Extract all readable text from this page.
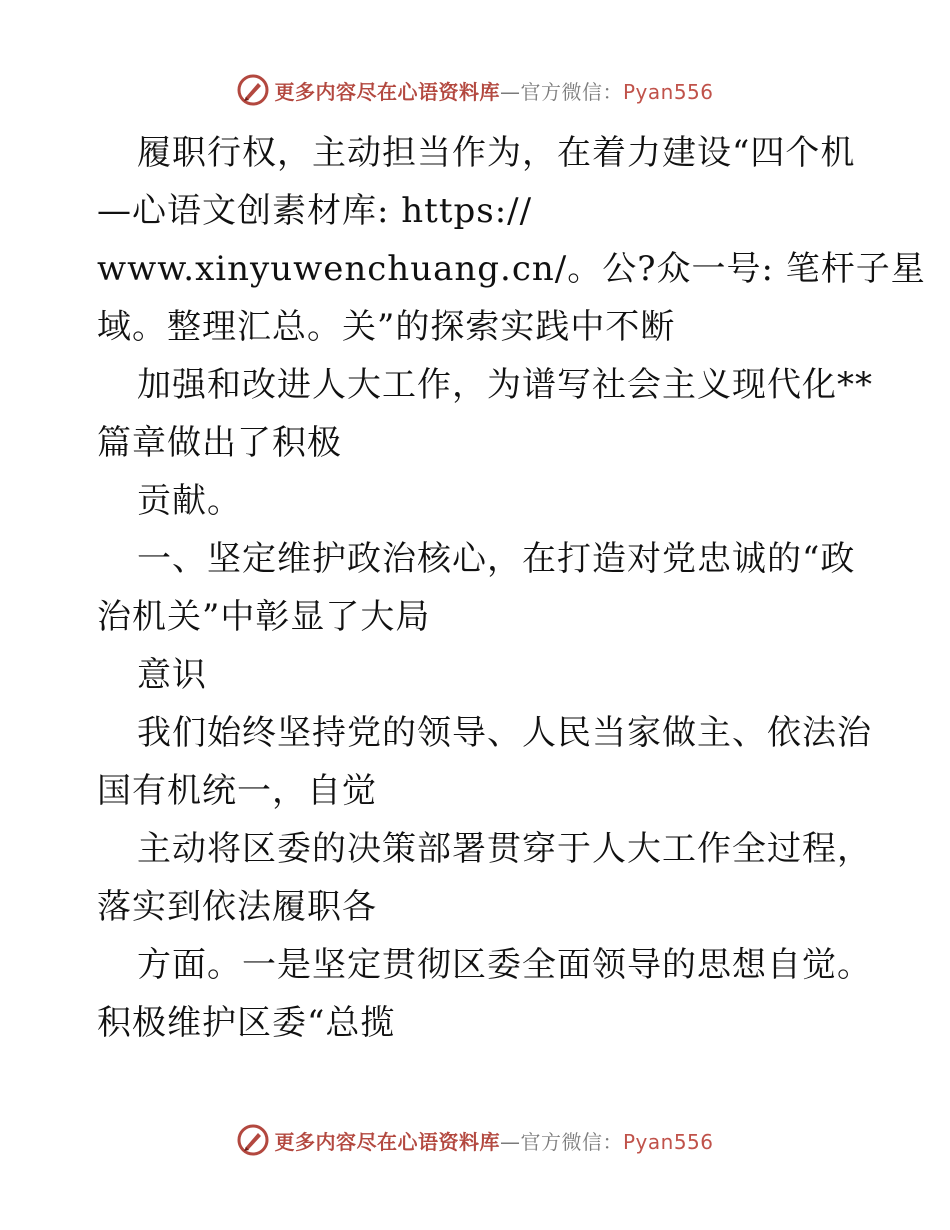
更多内容尽在心语资料库—官方微信：Pyan556
履职行权，主动担当作为，在着力建设“四个机
—心语文创素材库: https://
www.xinyuwenchuang.cn/。公?众一号: 笔杆子星
域。整理汇总。关”的探索实践中不断
加强和改进人大工作，为谱写社会主义现代化**
篇章做出了积极
贡献。
一、坚定维护政治核心，在打造对党忠诚的“政
治机关”中彰显了大局
意识
我们始终坚持党的领导、人民当家做主、依法治
国有机统一，自觉
主动将区委的决策部署贯穿于人大工作全过程，
落实到依法履职各
方面。一是坚定贯彻区委全面领导的思想自觉。
积极维护区委“总揽
更多内容尽在心语资料库—官方微信：Pyan556
